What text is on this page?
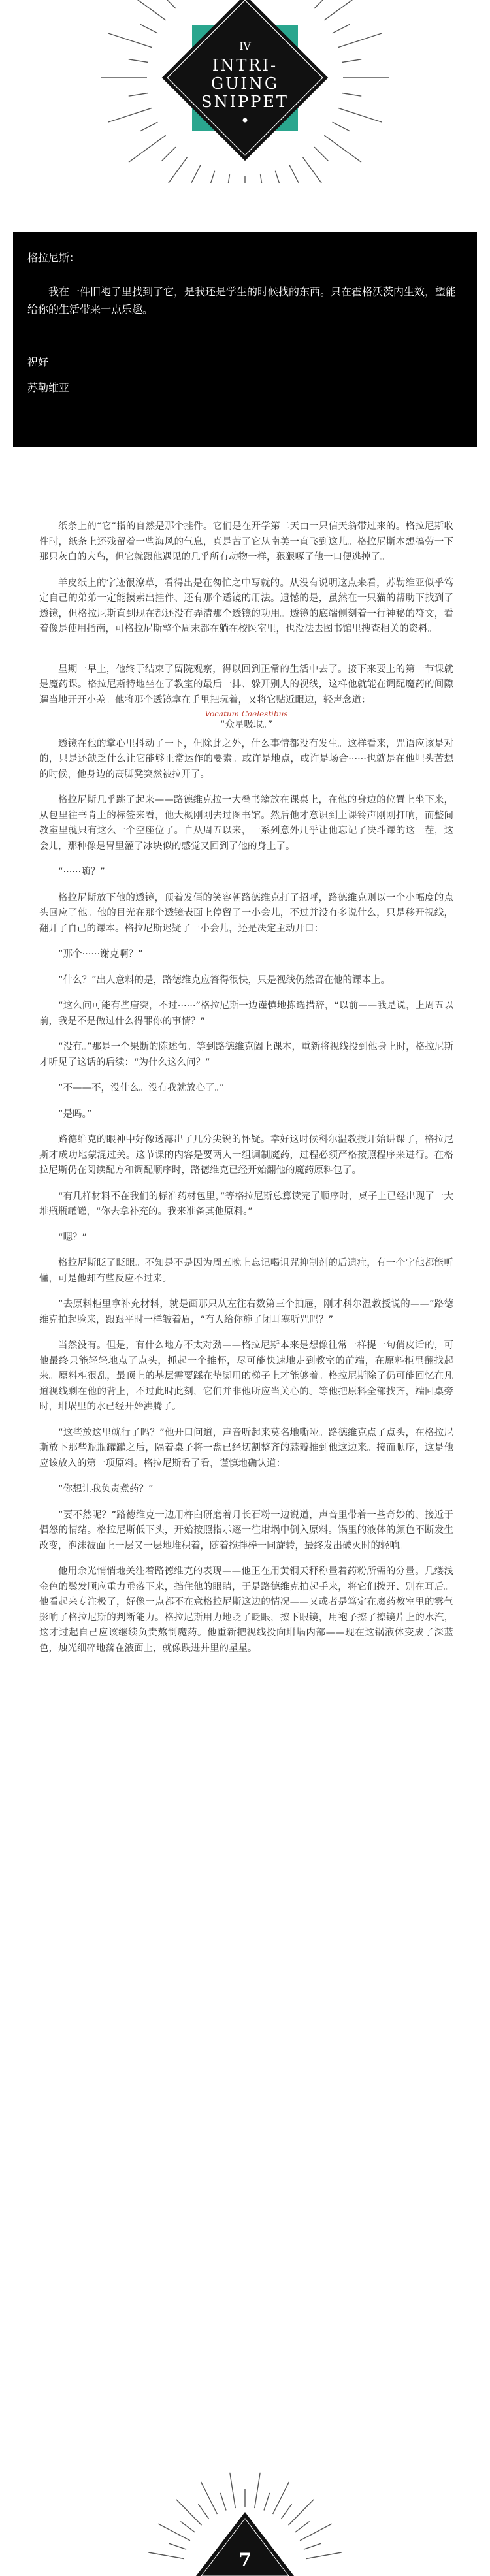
IV
INTRI-
GUING
SNIPPET

格拉尼斯：

我在一件旧袍子里找到了它，是我还是学生的时候找的东西。只在霍格沃茨内生效，望能给你的生活带来一点乐趣。

祝好

苏勒维亚

纸条上的“它”指的自然是那个挂件。它们是在开学第二天由一只信天翁带过来的。格拉尼斯收件时，纸条上还残留着一些海风的气息，真是苦了它从南美一直飞到这儿。格拉尼斯本想犒劳一下那只灰白的大鸟，但它就跟他遇见的几乎所有动物一样，狠狠啄了他一口便逃掉了。

羊皮纸上的字迹很潦草，看得出是在匆忙之中写就的。从没有说明这点来看，苏勒维亚似乎笃定自己的弟弟一定能摸索出挂件、还有那个透镜的用法。遗憾的是，虽然在一只猫的帮助下找到了透镜，但格拉尼斯直到现在都还没有弄清那个透镜的功用。透镜的底端侧刻着一行神秘的符文，看着像是使用指南，可格拉尼斯整个周末都在躺在校医室里，也没法去图书馆里搜查相关的资料。

星期一早上，他终于结束了留院观察，得以回到正常的生活中去了。接下来要上的第一节课就是魔药课。格拉尼斯特地坐在了教室的最后一排、躲开别人的视线，这样他就能在调配魔药的间隙遛当地开开小差。他将那个透镜拿在手里把玩着，又将它贴近眼边，轻声念道：

Vocatum Caelestibus
“众星吸取。”

透镜在他的掌心里抖动了一下，但除此之外，什么事情都没有发生。这样看来，咒语应该是对的，只是还缺乏什么让它能够正常运作的要素。或许是地点，或许是场合······也就是在他埋头苦想的时候，他身边的高脚凳突然被拉开了。

格拉尼斯几乎跳了起来——路德维克拉一大叠书籍放在课桌上，在他的身边的位置上坐下来，从包里往书肯上的标签来看，他大概刚刚去过图书馆。然后他才意识到上课铃声刚刚打响，而整间教室里就只有这么一个空座位了。自从周五以来，一系列意外几乎让他忘记了决斗课的这一茬，这会儿，那种像是胃里灌了冰块似的感觉又回到了他的身上了。

“······嗨？”

格拉尼斯放下他的透镜，顶着发僵的笑容朝路德维克打了招呼，路德维克则以一个小幅度的点头回应了他。他的目光在那个透镜表面上停留了一小会儿，不过并没有多说什么，只是移开视线，翻开了自己的课本。格拉尼斯迟疑了一小会儿，还是决定主动开口：

“那个······谢克啊？”

“什么？”出人意料的是，路德维克应答得很快，只是视线仍然留在他的课本上。

“这么问可能有些唐突，不过······”格拉尼斯一边谨慎地拣选措辞，“以前——我是说，上周五以前，我是不是做过什么得罪你的事情？”

“没有。”那是一个果断的陈述句。等到路德维克阖上课本，重新将视线投到他身上时，格拉尼斯才听见了这话的后续：“为什么这么问？”

“不——不，没什么。没有我就放心了。”

“是吗。”

路德维克的眼神中好像透露出了几分尖锐的怀疑。幸好这时候科尔温教授开始讲课了，格拉尼斯才成功地蒙混过关。这节课的内容是要两人一组调制魔药，过程必须严格按照程序来进行。在格拉尼斯仍在阅读配方和调配顺序时，路德维克已经开始翻他的魔药原料包了。

“有几样材料不在我们的标准药材包里，”等格拉尼斯总算读完了顺序时，桌子上已经出现了一大堆瓶瓶罐罐，“你去拿补充的。我来准备其他原料。”

“嗯？”

格拉尼斯眨了眨眼。不知是不是因为周五晚上忘记喝诅咒抑制剂的后遗症，有一个字他都能听懂，可是他却有些反应不过来。

“去原料柜里拿补充材料，就是画那只从左往右数第三个抽屉，刚才科尔温教授说的——”路德维克拍起脸来，跟跟平时一样皱着眉，“有人给你施了闭耳塞听咒吗？”

当然没有。但是，有什么地方不太对劲——格拉尼斯本来是想像往常一样提一句俏皮话的，可他最终只能轻轻地点了点头，抓起一个推杯，尽可能快速地走到教室的前端，在原料柜里翻找起来。原料柜很乱，最顶上的基层需要踩在垫脚用的梯子上才能够着。格拉尼斯除了仍可能回忆在凡道视线剩在他的背上，不过此时此刻，它们并非他所应当关心的。等他把原料全部找齐，端回桌旁时，坩埚里的水已经开始沸腾了。

“这些放这里就行了吗？”他开口问道，声音听起来莫名地嘶哑。路德维克点了点头，在格拉尼斯放下那些瓶瓶罐罐之后，隔着桌子将一盘已经切割整齐的蒜瓣推到他这边来。接而顺序，这是他应该放入的第一项原料。格拉尼斯看了看，谨慎地确认道：

“你想让我负责煮药？”

“要不然呢？”路德维克一边用杵臼研磨着月长石粉一边说道，声音里带着一些奇妙的、接近于倡怒的情绪。格拉尼斯低下头，开始按照指示逐一往坩埚中倒入原料。锅里的液体的颜色不断发生改变，泡沫被面上一层又一层地堆积着，随着搅拌棒一同旋转，最终发出破灭时的轻响。

他用余光悄悄地关注着路德维克的表现——他正在用黄铜天秤称量着药粉所需的分量。几缕浅金色的鬓发顺应重力垂落下来，挡住他的眼睛，于是路德维克拍起手来，将它们拨开、别在耳后。他看起来专注极了，好像一点都不在意格拉尼斯这边的情况——又或者是笃定在魔药教室里的雾气影响了格拉尼斯的判断能力。格拉尼斯用力地眨了眨眼，擦下眼镜，用袍子擦了擦镜片上的水汽，这才过起自己应该继续负责熬制魔药。他重新把视线投向坩埚内部——现在这锅液体变成了深蓝色，烛光细碎地落在液面上，就像跌进并里的星星。

7
